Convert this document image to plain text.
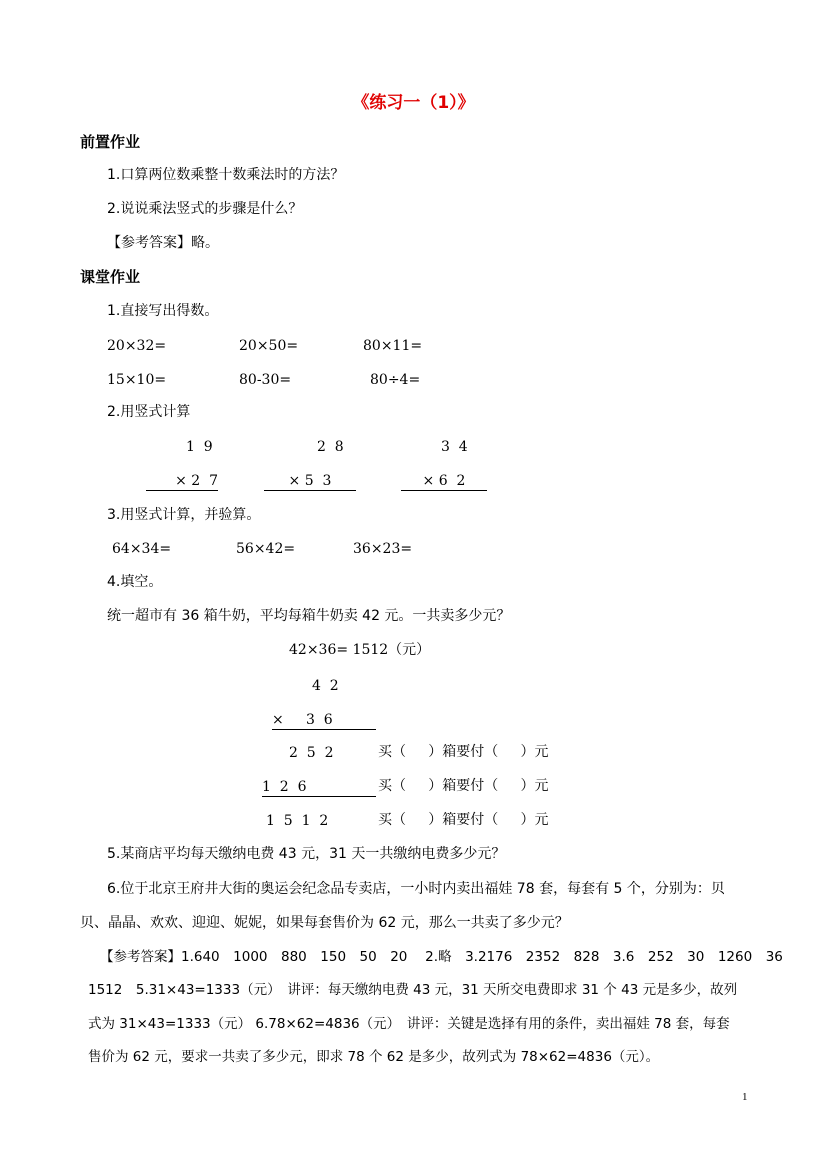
《练习一（1）》
前置作业
1.口算两位数乘整十数乘法时的方法？
2.说说乘法竖式的步骤是什么？
【参考答案】略。
课堂作业
1.直接写出得数。
20×32=	20×50=	80×11=
15×10=	80-30=	80÷4=
2.用竖式计算
1  9
× 2  7
2  8
× 5  3
3  4
× 6  2
3.用竖式计算，并验算。
64×34=	56×42=	36×23=
4.填空。
统一超市有 36 箱牛奶，平均每箱牛奶卖 42 元。一共卖多少元？
42×36= 1512（元）
4  2
×     3  6
2  5  2	买（     ）箱要付（     ）元
1  2  6	买（     ）箱要付（     ）元
1  5  1  2	买（     ）箱要付（     ）元
5.某商店平均每天缴纳电费 43 元，31 天一共缴纳电费多少元？
6.位于北京王府井大街的奥运会纪念品专卖店，一小时内卖出福娃 78 套，每套有 5 个，分别为：贝
贝、晶晶、欢欢、迎迎、妮妮，如果每套售价为 62 元，那么一共卖了多少元？
【参考答案】1.640　1000　880　150　50　20　 2.略　3.2176　2352　828　3.6　252　30　1260　36
1512　5.31×43=1333（元）　讲评：每天缴纳电费 43 元，31 天所交电费即求 31 个 43 元是多少，故列
式为 31×43=1333（元） 6.78×62=4836（元）　讲评：关键是选择有用的条件，卖出福娃 78 套，每套
售价为 62 元，要求一共卖了多少元，即求 78 个 62 是多少，故列式为 78×62=4836（元）。
1
